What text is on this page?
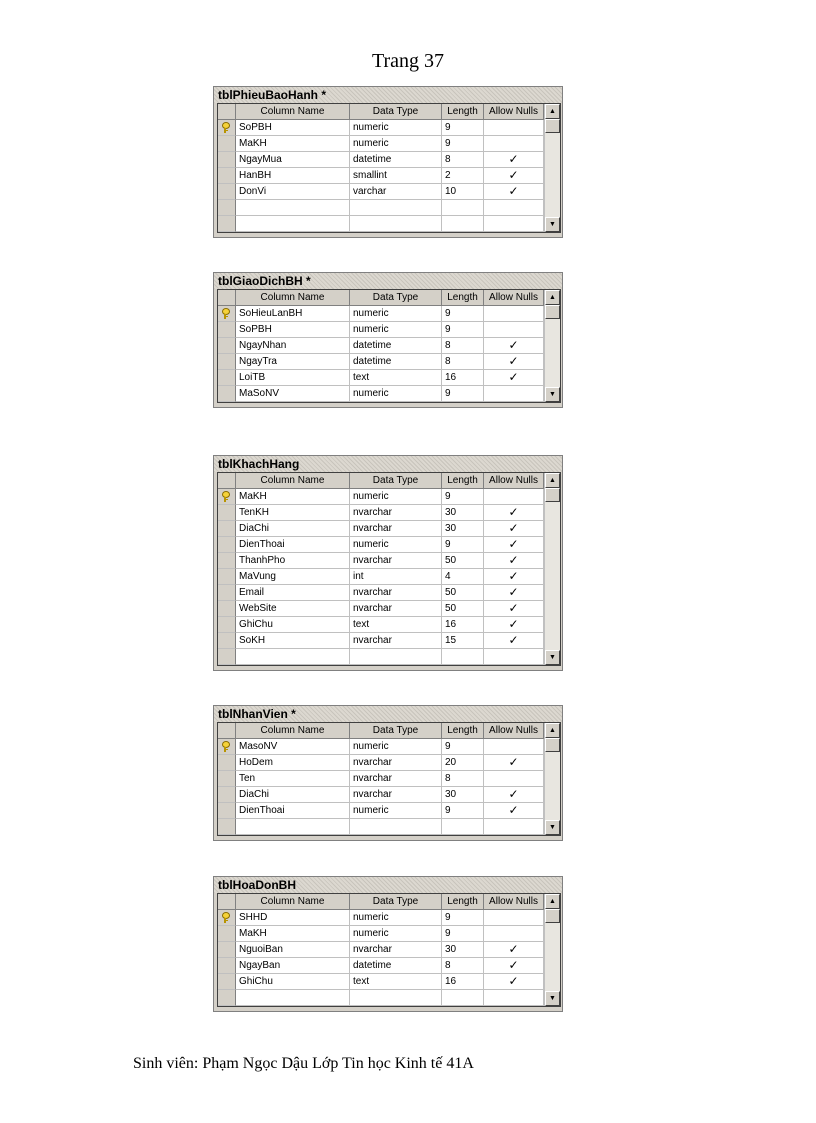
Trang 37
tblPhieuBaoHanh *
Column Name	Data Type	Length	Allow Nulls
SoPBH	numeric	9
MaKH	numeric	9
NgayMua	datetime	8	✓
HanBH	smallint	2	✓
DonVi	varchar	10	✓
▲
▼
tblGiaoDichBH *
Column Name	Data Type	Length	Allow Nulls
SoHieuLanBH	numeric	9
SoPBH	numeric	9
NgayNhan	datetime	8	✓
NgayTra	datetime	8	✓
LoiTB	text	16	✓
MaSoNV	numeric	9
▲
▼
tblKhachHang
Column Name	Data Type	Length	Allow Nulls
MaKH	numeric	9
TenKH	nvarchar	30	✓
DiaChi	nvarchar	30	✓
DienThoai	numeric	9	✓
ThanhPho	nvarchar	50	✓
MaVung	int	4	✓
Email	nvarchar	50	✓
WebSite	nvarchar	50	✓
GhiChu	text	16	✓
SoKH	nvarchar	15	✓
▲
▼
tblNhanVien *
Column Name	Data Type	Length	Allow Nulls
MasoNV	numeric	9
HoDem	nvarchar	20	✓
Ten	nvarchar	8
DiaChi	nvarchar	30	✓
DienThoai	numeric	9	✓
▲
▼
tblHoaDonBH
Column Name	Data Type	Length	Allow Nulls
SHHD	numeric	9
MaKH	numeric	9
NguoiBan	nvarchar	30	✓
NgayBan	datetime	8	✓
GhiChu	text	16	✓
▲
▼
Sinh viên: Phạm Ngọc Dậu Lớp Tin học Kinh tế 41A
